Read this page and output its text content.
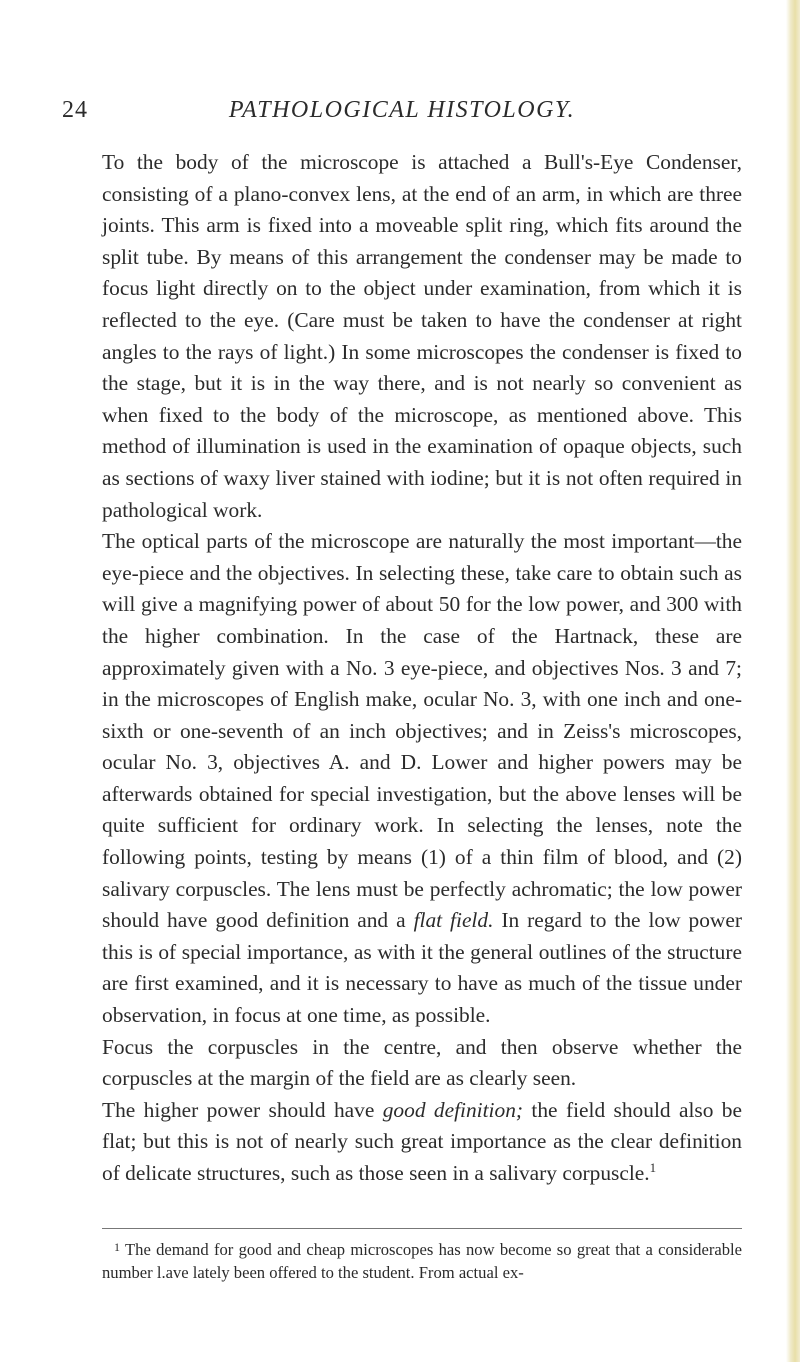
24	PATHOLOGICAL HISTOLOGY.

To the body of the microscope is attached a Bull's-Eye Condenser, consisting of a plano-convex lens, at the end of an arm, in which are three joints. This arm is fixed into a moveable split ring, which fits around the split tube. By means of this arrangement the condenser may be made to focus light directly on to the object under examination, from which it is reflected to the eye. (Care must be taken to have the condenser at right angles to the rays of light.) In some microscopes the condenser is fixed to the stage, but it is in the way there, and is not nearly so convenient as when fixed to the body of the microscope, as mentioned above. This method of illumination is used in the examination of opaque objects, such as sections of waxy liver stained with iodine; but it is not often required in pathological work.

The optical parts of the microscope are naturally the most important—the eye-piece and the objectives. In selecting these, take care to obtain such as will give a magnifying power of about 50 for the low power, and 300 with the higher combination. In the case of the Hartnack, these are approximately given with a No. 3 eye-piece, and objectives Nos. 3 and 7; in the microscopes of English make, ocular No. 3, with one inch and one-sixth or one-seventh of an inch objectives; and in Zeiss's microscopes, ocular No. 3, objectives A. and D. Lower and higher powers may be afterwards obtained for special investigation, but the above lenses will be quite sufficient for ordinary work. In selecting the lenses, note the following points, testing by means (1) of a thin film of blood, and (2) salivary corpuscles. The lens must be perfectly achromatic; the low power should have good definition and a flat field. In regard to the low power this is of special importance, as with it the general outlines of the structure are first examined, and it is necessary to have as much of the tissue under observation, in focus at one time, as possible.

Focus the corpuscles in the centre, and then observe whether the corpuscles at the margin of the field are as clearly seen.

The higher power should have good definition; the field should also be flat; but this is not of nearly such great importance as the clear definition of delicate structures, such as those seen in a salivary corpuscle.$^1$

$^1$ The demand for good and cheap microscopes has now become so great that a considerable number l.ave lately been offered to the student. From actual ex-
